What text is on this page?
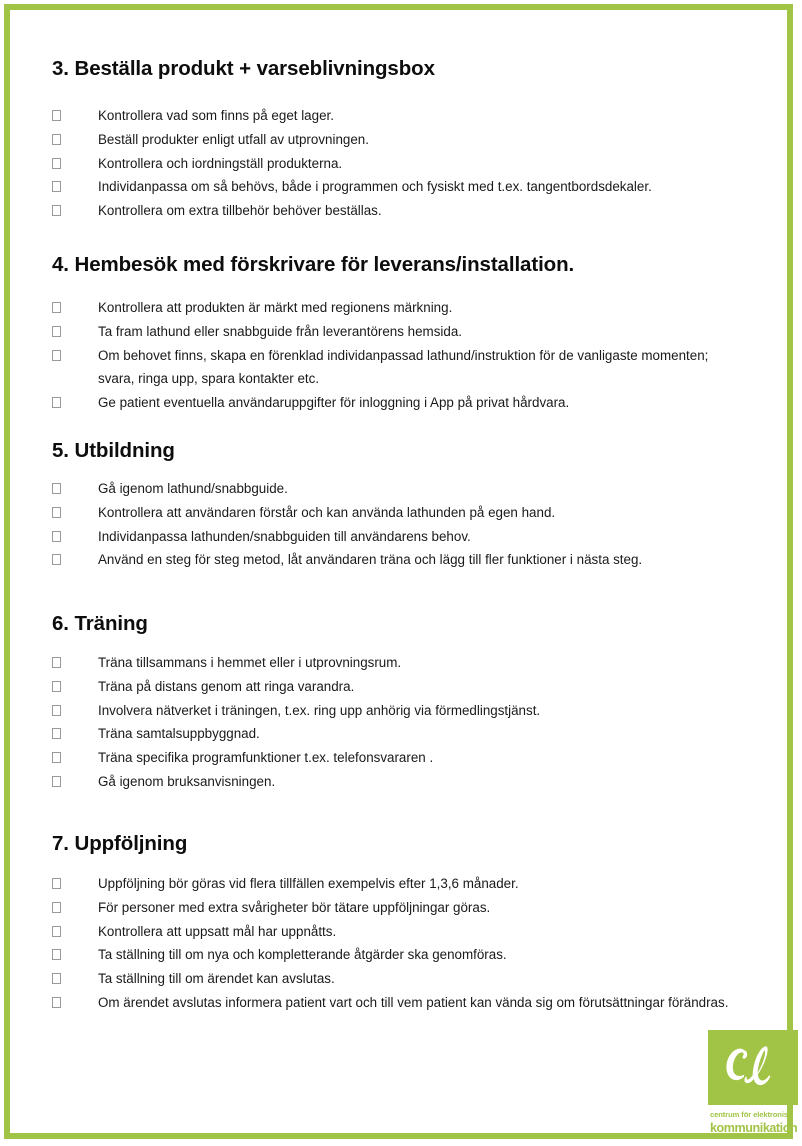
3. Beställa produkt + varseblivningsbox
Kontrollera vad som finns på eget lager.
Beställ produkter enligt utfall av utprovningen.
Kontrollera och iordningställ produkterna.
Individanpassa om så behövs, både i programmen och fysiskt med t.ex. tangentbordsdekaler.
Kontrollera om extra tillbehör behöver beställas.
4. Hembesök med förskrivare för leverans/installation.
Kontrollera att produkten är märkt med regionens märkning.
Ta fram lathund eller snabbguide från leverantörens hemsida.
Om behovet finns, skapa en förenklad individanpassad lathund/instruktion för de vanligaste momenten; svara, ringa upp, spara kontakter etc.
Ge patient eventuella användaruppgifter för inloggning i App på privat hårdvara.
5. Utbildning
Gå igenom lathund/snabbguide.
Kontrollera att användaren förstår och kan använda lathunden på egen hand.
Individanpassa lathunden/snabbguiden till användarens behov.
Använd en steg för steg metod, låt användaren träna och lägg till fler funktioner i nästa steg.
6. Träning
Träna tillsammans i hemmet eller i utprovningsrum.
Träna på distans genom att ringa varandra.
Involvera nätverket i träningen, t.ex. ring upp anhörig via förmedlingstjänst.
Träna samtalsuppbyggnad.
Träna specifika programfunktioner t.ex. telefonsvararen .
Gå igenom bruksanvisningen.
7. Uppföljning
Uppföljning bör göras vid flera tillfällen exempelvis efter 1,3,6 månader.
För personer med extra svårigheter bör tätare uppföljningar göras.
Kontrollera att uppsatt mål har uppnåtts.
Ta ställning till om nya och kompletterande åtgärder ska genomföras.
Ta ställning till om ärendet kan avslutas.
Om ärendet avslutas informera patient vart och till vem patient kan vända sig om förutsättningar förändras.
centrum för elektronisk
kommunikation
